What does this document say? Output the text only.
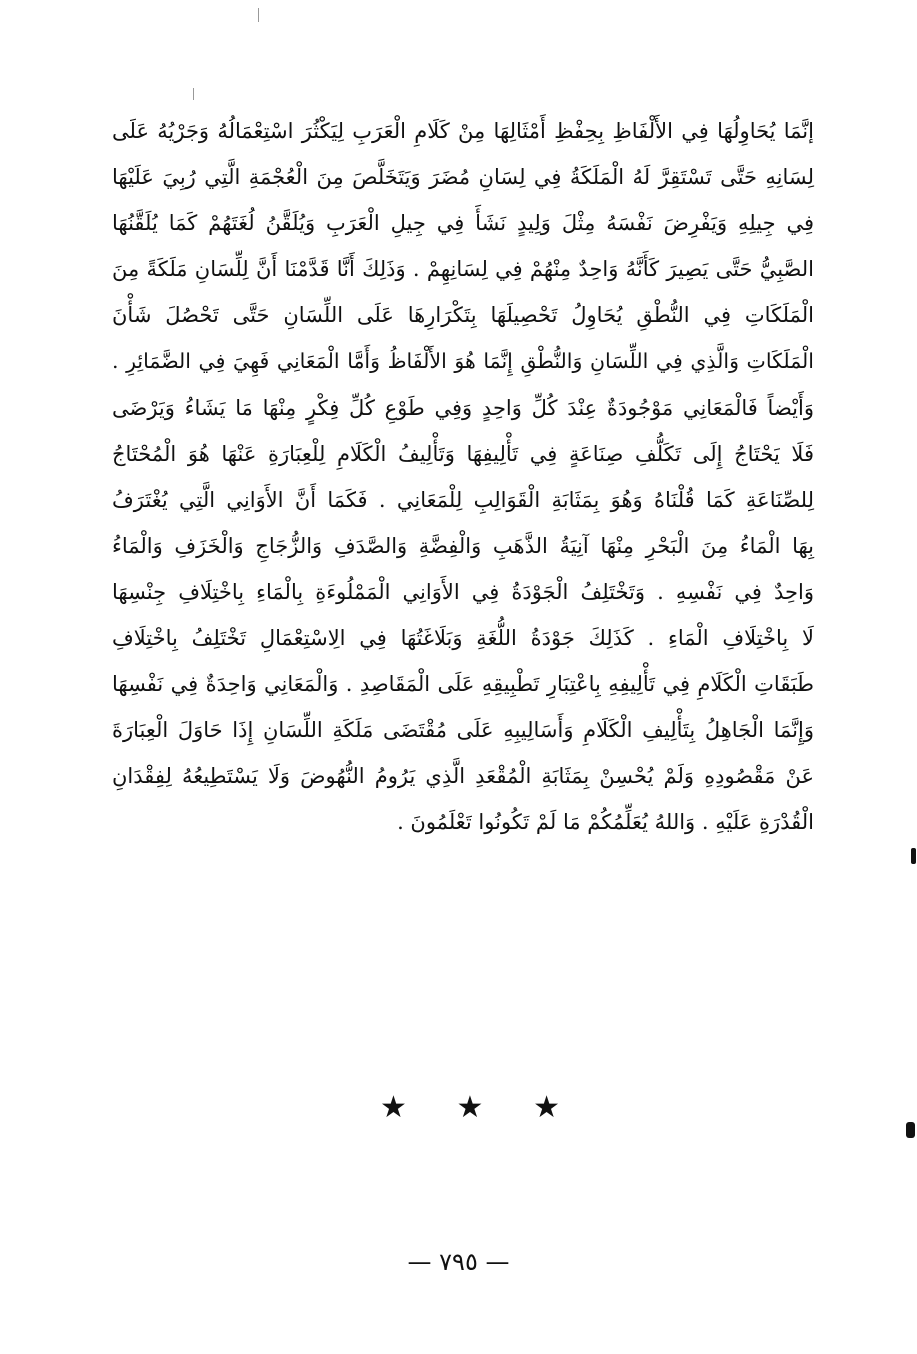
إنَّمَا يُحَاوِلُهَا فِي الأَلْفَاظِ بِحِفْظِ أَمْثَالِهَا مِنْ كَلَامِ الْعَرَبِ لِيَكْثُرَ اسْتِعْمَالُهُ وَجَرْيُهُ عَلَى
لِسَانِهِ حَتَّى تَسْتَقِرَّ لَهُ الْمَلَكَةُ فِي لِسَانِ مُضَرَ وَيَتَخَلَّصَ مِنَ الْعُجْمَةِ الَّتِي رُبِيَ عَلَيْهَا
فِي جِيلِهِ وَيَفْرِضَ نَفْسَهُ مِثْلَ وَلِيدٍ نَشَأَ فِي جِيلِ الْعَرَبِ وَيُلَقَّنُ لُغَتَهُمْ كَمَا يُلَقَّنُهَا
الصَّبِيُّ حَتَّى يَصِيرَ كَأَنَّهُ وَاحِدٌ مِنْهُمْ فِي لِسَانِهِمْ . وَذَلِكَ أَنَّا قَدَّمْنَا أَنَّ لِلِّسَانِ مَلَكَةً مِنَ
الْمَلَكَاتِ فِي النُّطْقِ يُحَاوِلُ تَحْصِيلَهَا بِتَكْرَارِهَا عَلَى اللِّسَانِ حَتَّى تَحْصُلَ شَأْنَ
الْمَلَكَاتِ وَالَّذِي فِي اللِّسَانِ وَالنُّطْقِ إِنَّمَا هُوَ الأَلْفَاظُ وَأَمَّا الْمَعَانِي فَهِيَ فِي الضَّمَائِرِ .
وَأَيْضاً فَالْمَعَانِي مَوْجُودَةٌ عِنْدَ كُلِّ وَاحِدٍ وَفِي طَوْعِ كُلِّ فِكْرٍ مِنْهَا مَا يَشَاءُ وَيَرْضَى
فَلَا يَحْتَاجُ إِلَى تَكَلُّفِ صِنَاعَةٍ فِي تَأْلِيفِهَا وَتَأْلِيفُ الْكَلَامِ لِلْعِبَارَةِ عَنْهَا هُوَ الْمُحْتَاجُ
لِلصِّنَاعَةِ كَمَا قُلْنَاهُ وَهُوَ بِمَثَابَةِ الْقَوَالِبِ لِلْمَعَانِي . فَكَمَا أَنَّ الأَوَانِي الَّتِي يُغْتَرَفُ
بِهَا الْمَاءُ مِنَ الْبَحْرِ مِنْهَا آنِيَةُ الذَّهَبِ وَالْفِضَّةِ وَالصَّدَفِ وَالزُّجَاجِ وَالْخَزَفِ وَالْمَاءُ
وَاحِدٌ فِي نَفْسِهِ . وَتَخْتَلِفُ الْجَوْدَةُ فِي الأَوَانِي الْمَمْلُوءَةِ بِالْمَاءِ بِاخْتِلَافِ جِنْسِهَا
لَا بِاخْتِلَافِ الْمَاءِ . كَذَلِكَ جَوْدَةُ اللُّغَةِ وَبَلَاغَتُهَا فِي الِاسْتِعْمَالِ تَخْتَلِفُ بِاخْتِلَافِ
طَبَقَاتِ الْكَلَامِ فِي تَأْلِيفِهِ بِاعْتِبَارِ تَطْبِيقِهِ عَلَى الْمَقَاصِدِ . وَالْمَعَانِي وَاحِدَةٌ فِي نَفْسِهَا
وَإِنَّمَا الْجَاهِلُ بِتَأْلِيفِ الْكَلَامِ وَأَسَالِيبِهِ عَلَى مُقْتَضَى مَلَكَةِ اللِّسَانِ إِذَا حَاوَلَ الْعِبَارَةَ
عَنْ مَقْصُودِهِ وَلَمْ يُحْسِنْ بِمَثَابَةِ الْمُقْعَدِ الَّذِي يَرُومُ النُّهُوضَ وَلَا يَسْتَطِيعُهُ لِفِقْدَانِ
الْقُدْرَةِ عَلَيْهِ . وَاللهُ يُعَلِّمُكُمْ مَا لَمْ تَكُونُوا تَعْلَمُونَ .
★ ★ ★
— ٧٩٥ —
